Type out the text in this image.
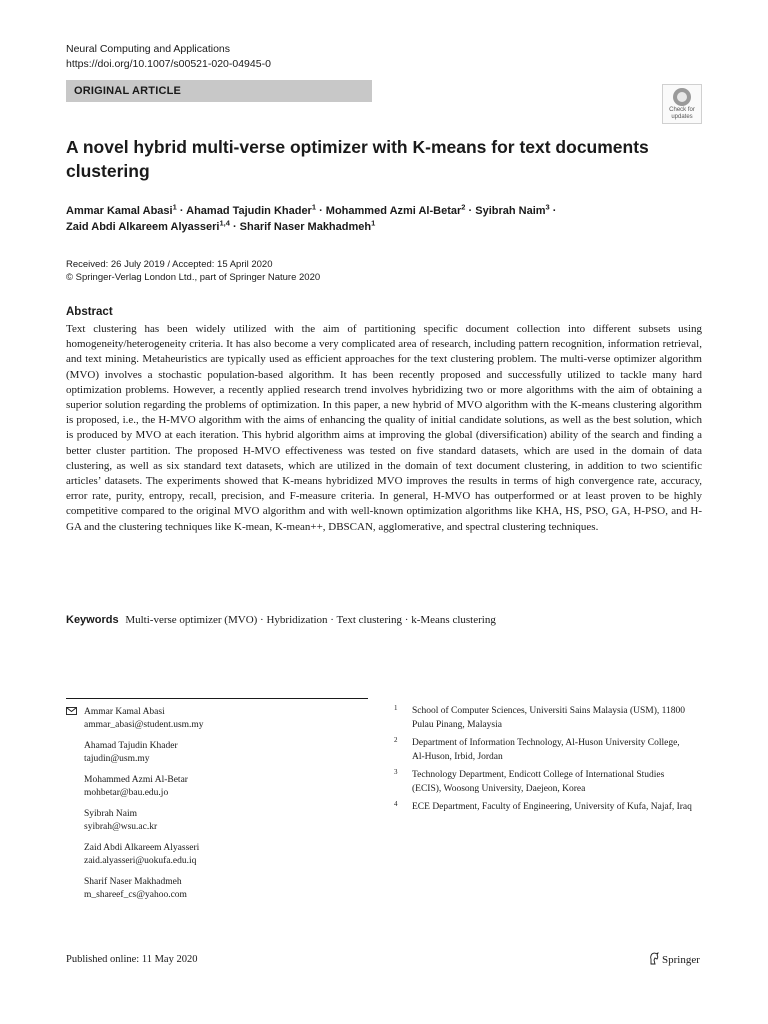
Neural Computing and Applications
https://doi.org/10.1007/s00521-020-04945-0
ORIGINAL ARTICLE
Check for
updates
A novel hybrid multi-verse optimizer with K-means for text documents clustering
Ammar Kamal Abasi$^1$ · Ahamad Tajudin Khader$^1$ · Mohammed Azmi Al-Betar$^2$ · Syibrah Naim$^3$ ·
Zaid Abdi Alkareem Alyasseri$^{1,4}$ · Sharif Naser Makhadmeh$^1$
Received: 26 July 2019 / Accepted: 15 April 2020
© Springer-Verlag London Ltd., part of Springer Nature 2020
Abstract
Text clustering has been widely utilized with the aim of partitioning specific document collection into different subsets using homogeneity/heterogeneity criteria. It has also become a very complicated area of research, including pattern recognition, information retrieval, and text mining. Metaheuristics are typically used as efficient approaches for the text clustering problem. The multi-verse optimizer algorithm (MVO) involves a stochastic population-based algorithm. It has been recently proposed and successfully utilized to tackle many hard optimization problems. However, a recently applied research trend involves hybridizing two or more algorithms with the aim of obtaining a superior solution regarding the problems of optimization. In this paper, a new hybrid of MVO algorithm with the K-means clustering algorithm is proposed, i.e., the H-MVO algorithm with the aims of enhancing the quality of initial candidate solutions, as well as the best solution, which is produced by MVO at each iteration. This hybrid algorithm aims at improving the global (diversification) ability of the search and finding a better cluster partition. The proposed H-MVO effectiveness was tested on five standard datasets, which are used in the domain of data clustering, as well as six standard text datasets, which are utilized in the domain of text document clustering, in addition to two scientific articles’ datasets. The experiments showed that K-means hybridized MVO improves the results in terms of high convergence rate, accuracy, error rate, purity, entropy, recall, precision, and F-measure criteria. In general, H-MVO has outperformed or at least proven to be highly competitive compared to the original MVO algorithm and with well-known optimization algorithms like KHA, HS, PSO, GA, H-PSO, and H-GA and the clustering techniques like K-mean, K-mean++, DBSCAN, agglomerative, and spectral clustering techniques.
Keywords Multi-verse optimizer (MVO) · Hybridization · Text clustering · k-Means clustering
Ammar Kamal Abasi
ammar_abasi@student.usm.my
Ahamad Tajudin Khader
tajudin@usm.my
Mohammed Azmi Al-Betar
mohbetar@bau.edu.jo
Syibrah Naim
syibrah@wsu.ac.kr
Zaid Abdi Alkareem Alyasseri
zaid.alyasseri@uokufa.edu.iq
Sharif Naser Makhadmeh
m_shareef_cs@yahoo.com
1 School of Computer Sciences, Universiti Sains Malaysia (USM), 11800 Pulau Pinang, Malaysia
2 Department of Information Technology, Al-Huson University College, Al-Huson, Irbid, Jordan
3 Technology Department, Endicott College of International Studies (ECIS), Woosong University, Daejeon, Korea
4 ECE Department, Faculty of Engineering, University of Kufa, Najaf, Iraq
Published online: 11 May 2020	Springer
